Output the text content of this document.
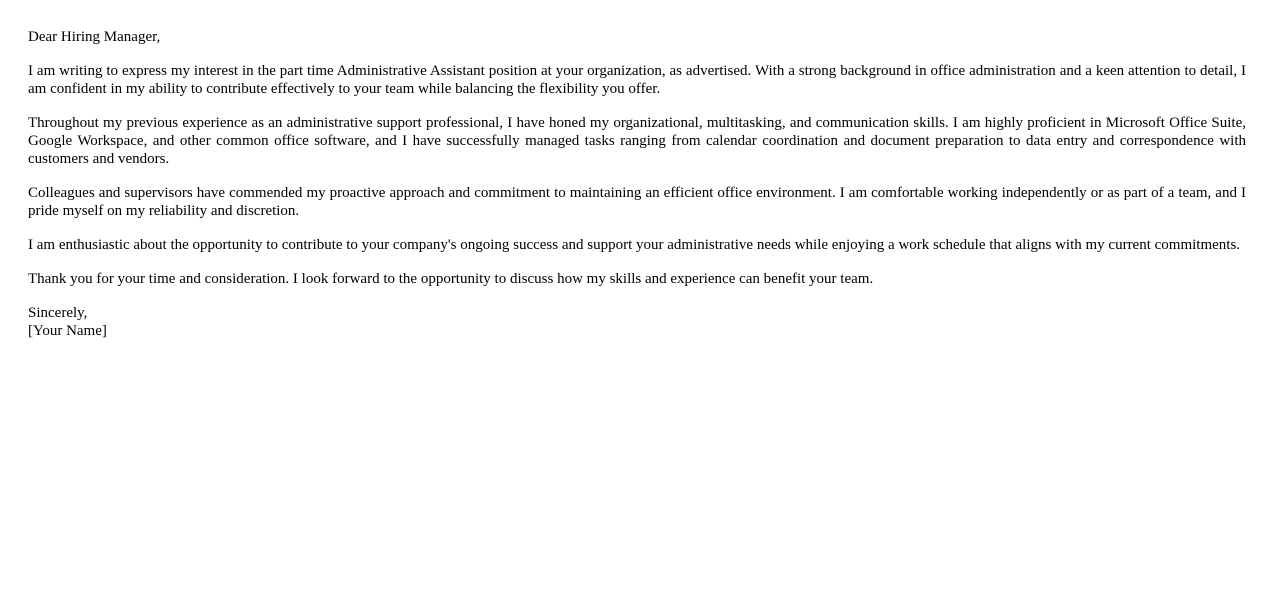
Dear Hiring Manager,

I am writing to express my interest in the part time Administrative Assistant position at your organization, as advertised. With a strong background in office administration and a keen attention to detail, I am confident in my ability to contribute effectively to your team while balancing the flexibility you offer.

Throughout my previous experience as an administrative support professional, I have honed my organizational, multitasking, and communication skills. I am highly proficient in Microsoft Office Suite, Google Workspace, and other common office software, and I have successfully managed tasks ranging from calendar coordination and document preparation to data entry and correspondence with customers and vendors.

Colleagues and supervisors have commended my proactive approach and commitment to maintaining an efficient office environment. I am comfortable working independently or as part of a team, and I pride myself on my reliability and discretion.

I am enthusiastic about the opportunity to contribute to your company's ongoing success and support your administrative needs while enjoying a work schedule that aligns with my current commitments.

Thank you for your time and consideration. I look forward to the opportunity to discuss how my skills and experience can benefit your team.

Sincerely,
[Your Name]
